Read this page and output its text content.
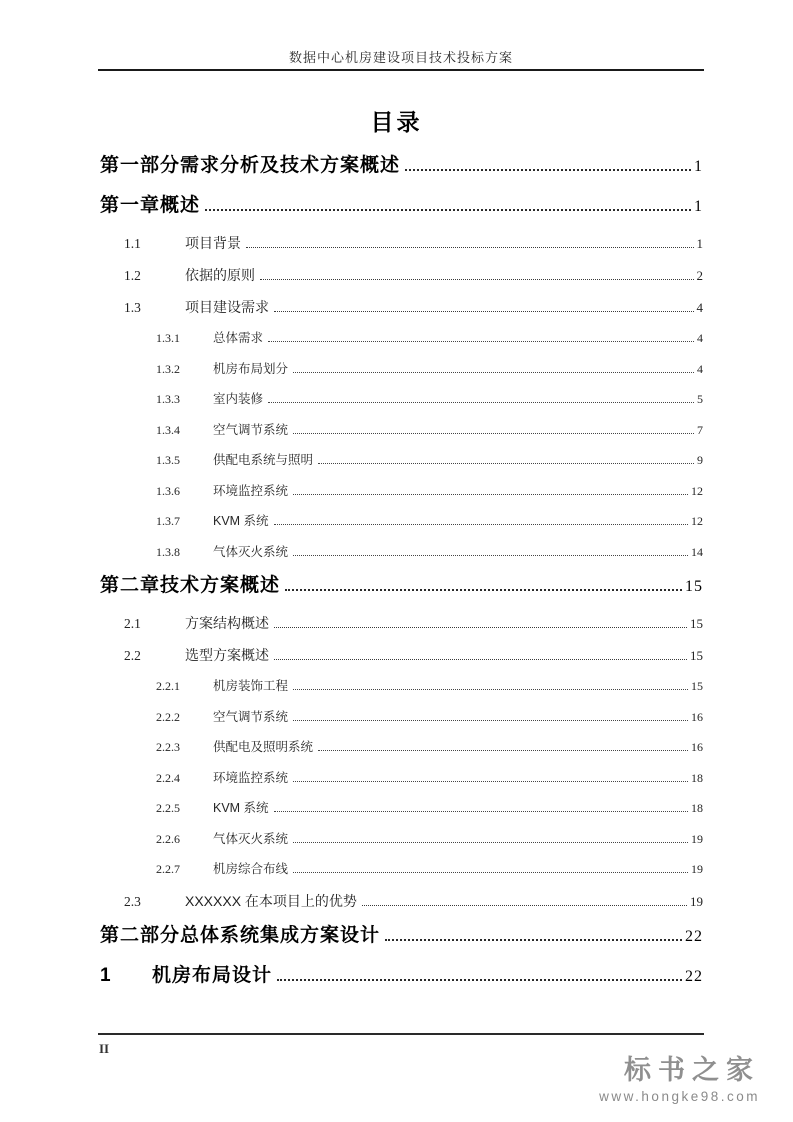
数据中心机房建设项目技术投标方案
目录
第一部分需求分析及技术方案概述	1
第一章概述	1
1.1	项目背景	1
1.2	依据的原则	2
1.3	项目建设需求	4
1.3.1	总体需求	4
1.3.2	机房布局划分	4
1.3.3	室内装修	5
1.3.4	空气调节系统	7
1.3.5	供配电系统与照明	9
1.3.6	环境监控系统	12
1.3.7	KVM 系统	12
1.3.8	气体灭火系统	14
第二章技术方案概述	15
2.1	方案结构概述	15
2.2	选型方案概述	15
2.2.1	机房装饰工程	15
2.2.2	空气调节系统	16
2.2.3	供配电及照明系统	16
2.2.4	环境监控系统	18
2.2.5	KVM 系统	18
2.2.6	气体灭火系统	19
2.2.7	机房综合布线	19
2.3	XXXXXX 在本项目上的优势	19
第二部分总体系统集成方案设计	22
1	机房布局设计	22
II
标书之家
www.hongke98.com
